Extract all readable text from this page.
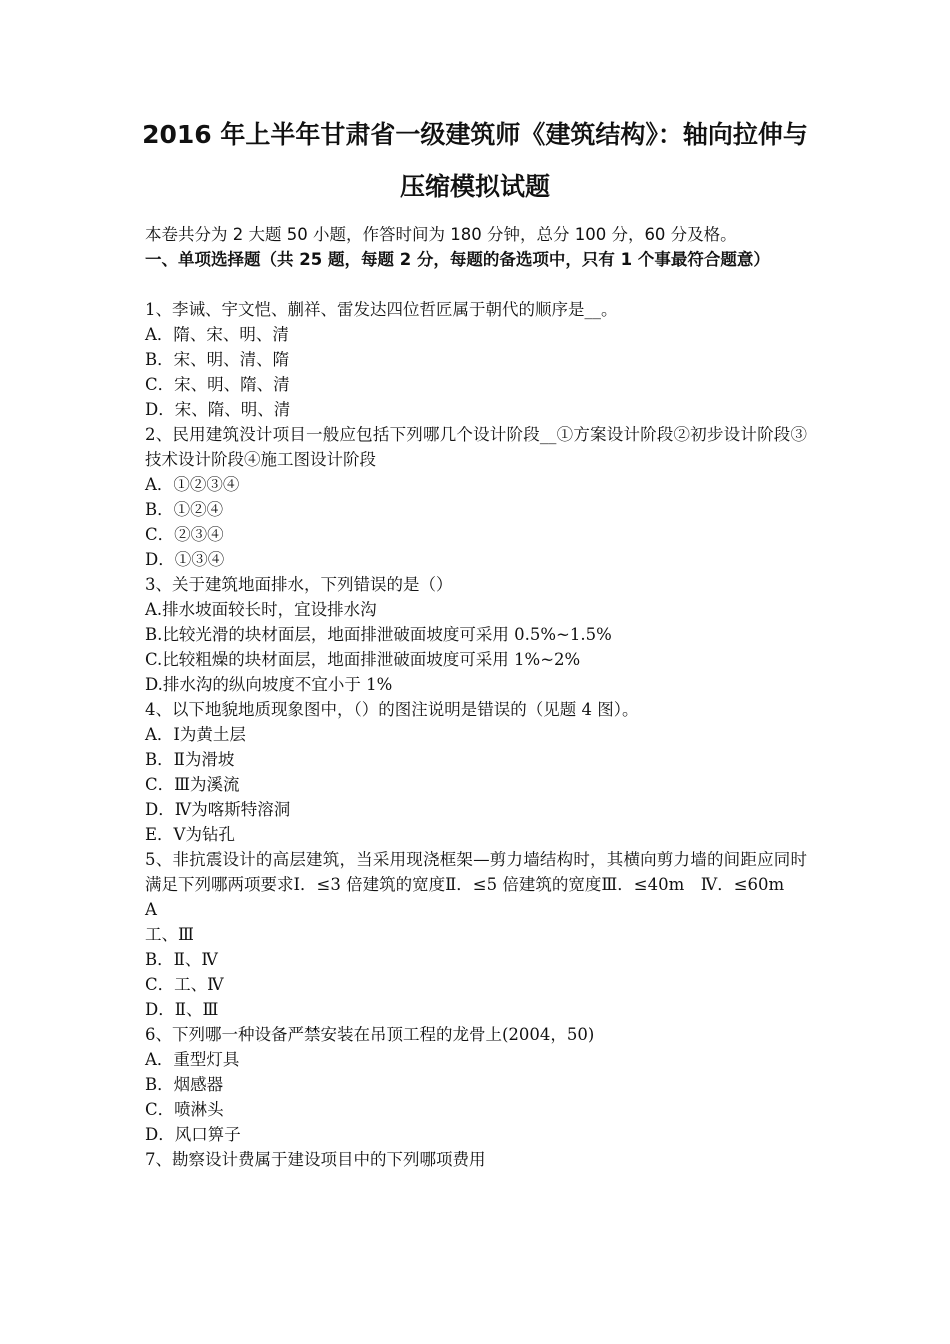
2016 年上半年甘肃省一级建筑师《建筑结构》：轴向拉伸与
压缩模拟试题
本卷共分为 2 大题 50 小题，作答时间为 180 分钟，总分 100 分，60 分及格。
一、单项选择题（共 25 题，每题 2 分，每题的备选项中，只有 1 个事最符合题意）
1、李诫、宇文恺、蒯祥、雷发达四位哲匠属于朝代的顺序是__。
A．隋、宋、明、清
B．宋、明、清、隋
C．宋、明、隋、清
D．宋、隋、明、清
2、民用建筑没计项目一般应包括下列哪几个设计阶段__①方案设计阶段②初步设计阶段③技术设计阶段④施工图设计阶段
A．①②③④
B．①②④
C．②③④
D．①③④
3、关于建筑地面排水，下列错误的是（）
A.排水坡面较长时，宜设排水沟
B.比较光滑的块材面层，地面排泄破面坡度可采用 0.5%~1.5%
C.比较粗燥的块材面层，地面排泄破面坡度可采用 1%~2%
D.排水沟的纵向坡度不宜小于 1%
4、以下地貌地质现象图中，（）的图注说明是错误的（见题 4 图）。
A．Ⅰ为黄土层
B．Ⅱ为滑坡
C．Ⅲ为溪流
D．Ⅳ为喀斯特溶洞
E．Ⅴ为钻孔
5、非抗震设计的高层建筑，当采用现浇框架—剪力墙结构时，其横向剪力墙的间距应同时满足下列哪两项要求Ⅰ．≤3 倍建筑的宽度Ⅱ．≤5 倍建筑的宽度Ⅲ．≤40m　Ⅳ．≤60m
A
工、Ⅲ
B．Ⅱ、Ⅳ
C．工、Ⅳ
D．Ⅱ、Ⅲ
6、下列哪一种设备严禁安装在吊顶工程的龙骨上(2004，50)
A．重型灯具
B．烟感器
C．喷淋头
D．风口箅子
7、勘察设计费属于建设项目中的下列哪项费用
